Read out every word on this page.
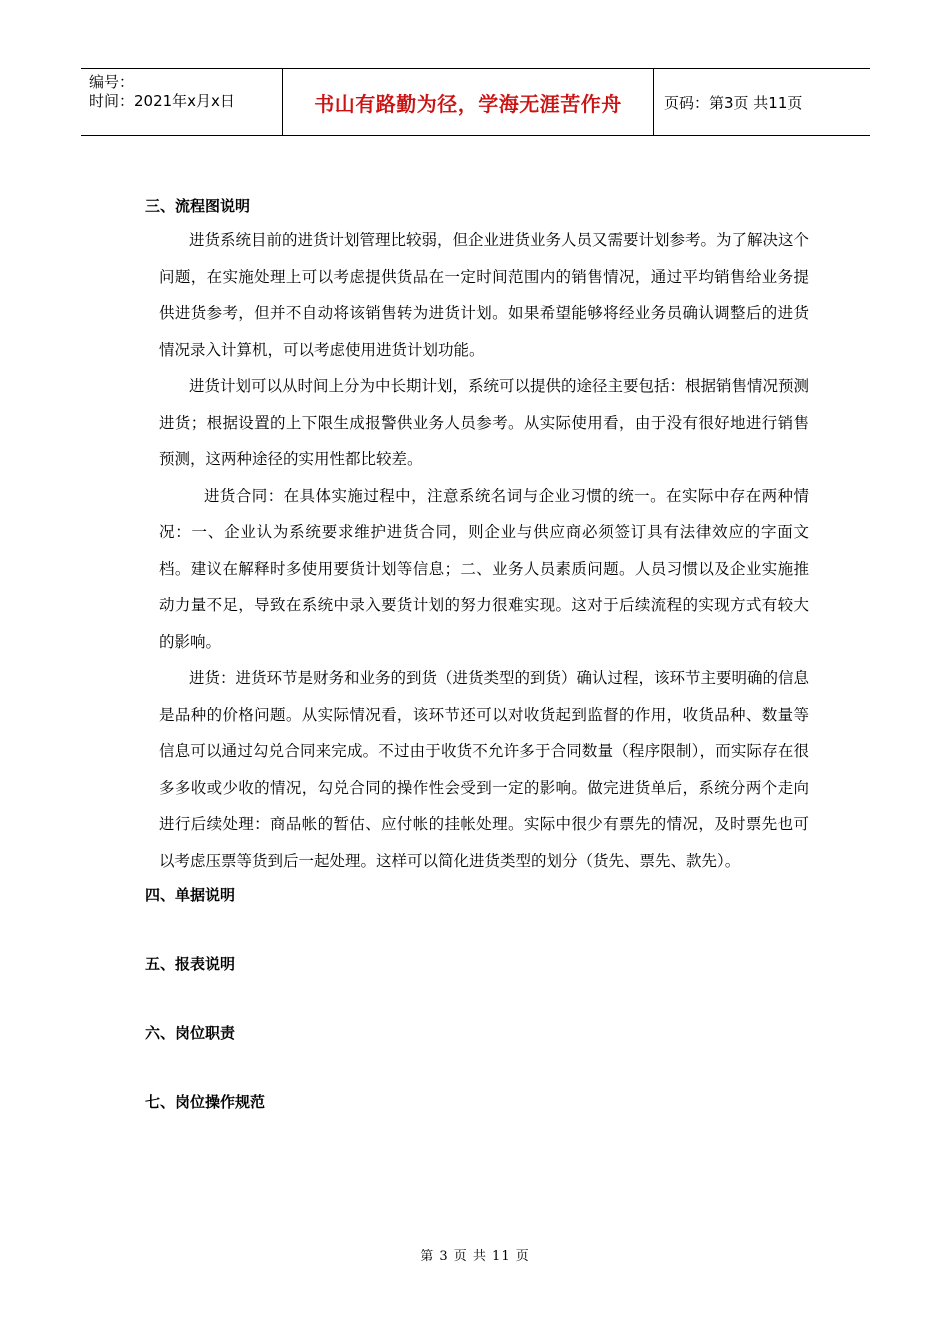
编号：
时间：2021年x月x日	书山有路勤为径，学海无涯苦作舟	页码：第3页 共11页

三、流程图说明

进货系统目前的进货计划管理比较弱，但企业进货业务人员又需要计划参考。为了解决这个问题，在实施处理上可以考虑提供货品在一定时间范围内的销售情况，通过平均销售给业务提供进货参考，但并不自动将该销售转为进货计划。如果希望能够将经业务员确认调整后的进货情况录入计算机，可以考虑使用进货计划功能。

进货计划可以从时间上分为中长期计划，系统可以提供的途径主要包括：根据销售情况预测进货；根据设置的上下限生成报警供业务人员参考。从实际使用看，由于没有很好地进行销售预测，这两种途径的实用性都比较差。

进货合同：在具体实施过程中，注意系统名词与企业习惯的统一。在实际中存在两种情况：一、企业认为系统要求维护进货合同，则企业与供应商必须签订具有法律效应的字面文档。建议在解释时多使用要货计划等信息；二、业务人员素质问题。人员习惯以及企业实施推动力量不足，导致在系统中录入要货计划的努力很难实现。这对于后续流程的实现方式有较大的影响。

进货：进货环节是财务和业务的到货（进货类型的到货）确认过程，该环节主要明确的信息是品种的价格问题。从实际情况看，该环节还可以对收货起到监督的作用，收货品种、数量等信息可以通过勾兑合同来完成。不过由于收货不允许多于合同数量（程序限制），而实际存在很多多收或少收的情况，勾兑合同的操作性会受到一定的影响。做完进货单后，系统分两个走向进行后续处理：商品帐的暂估、应付帐的挂帐处理。实际中很少有票先的情况，及时票先也可以考虑压票等货到后一起处理。这样可以简化进货类型的划分（货先、票先、款先）。

四、单据说明

五、报表说明

六、岗位职责

七、岗位操作规范

第 3 页 共 11 页
